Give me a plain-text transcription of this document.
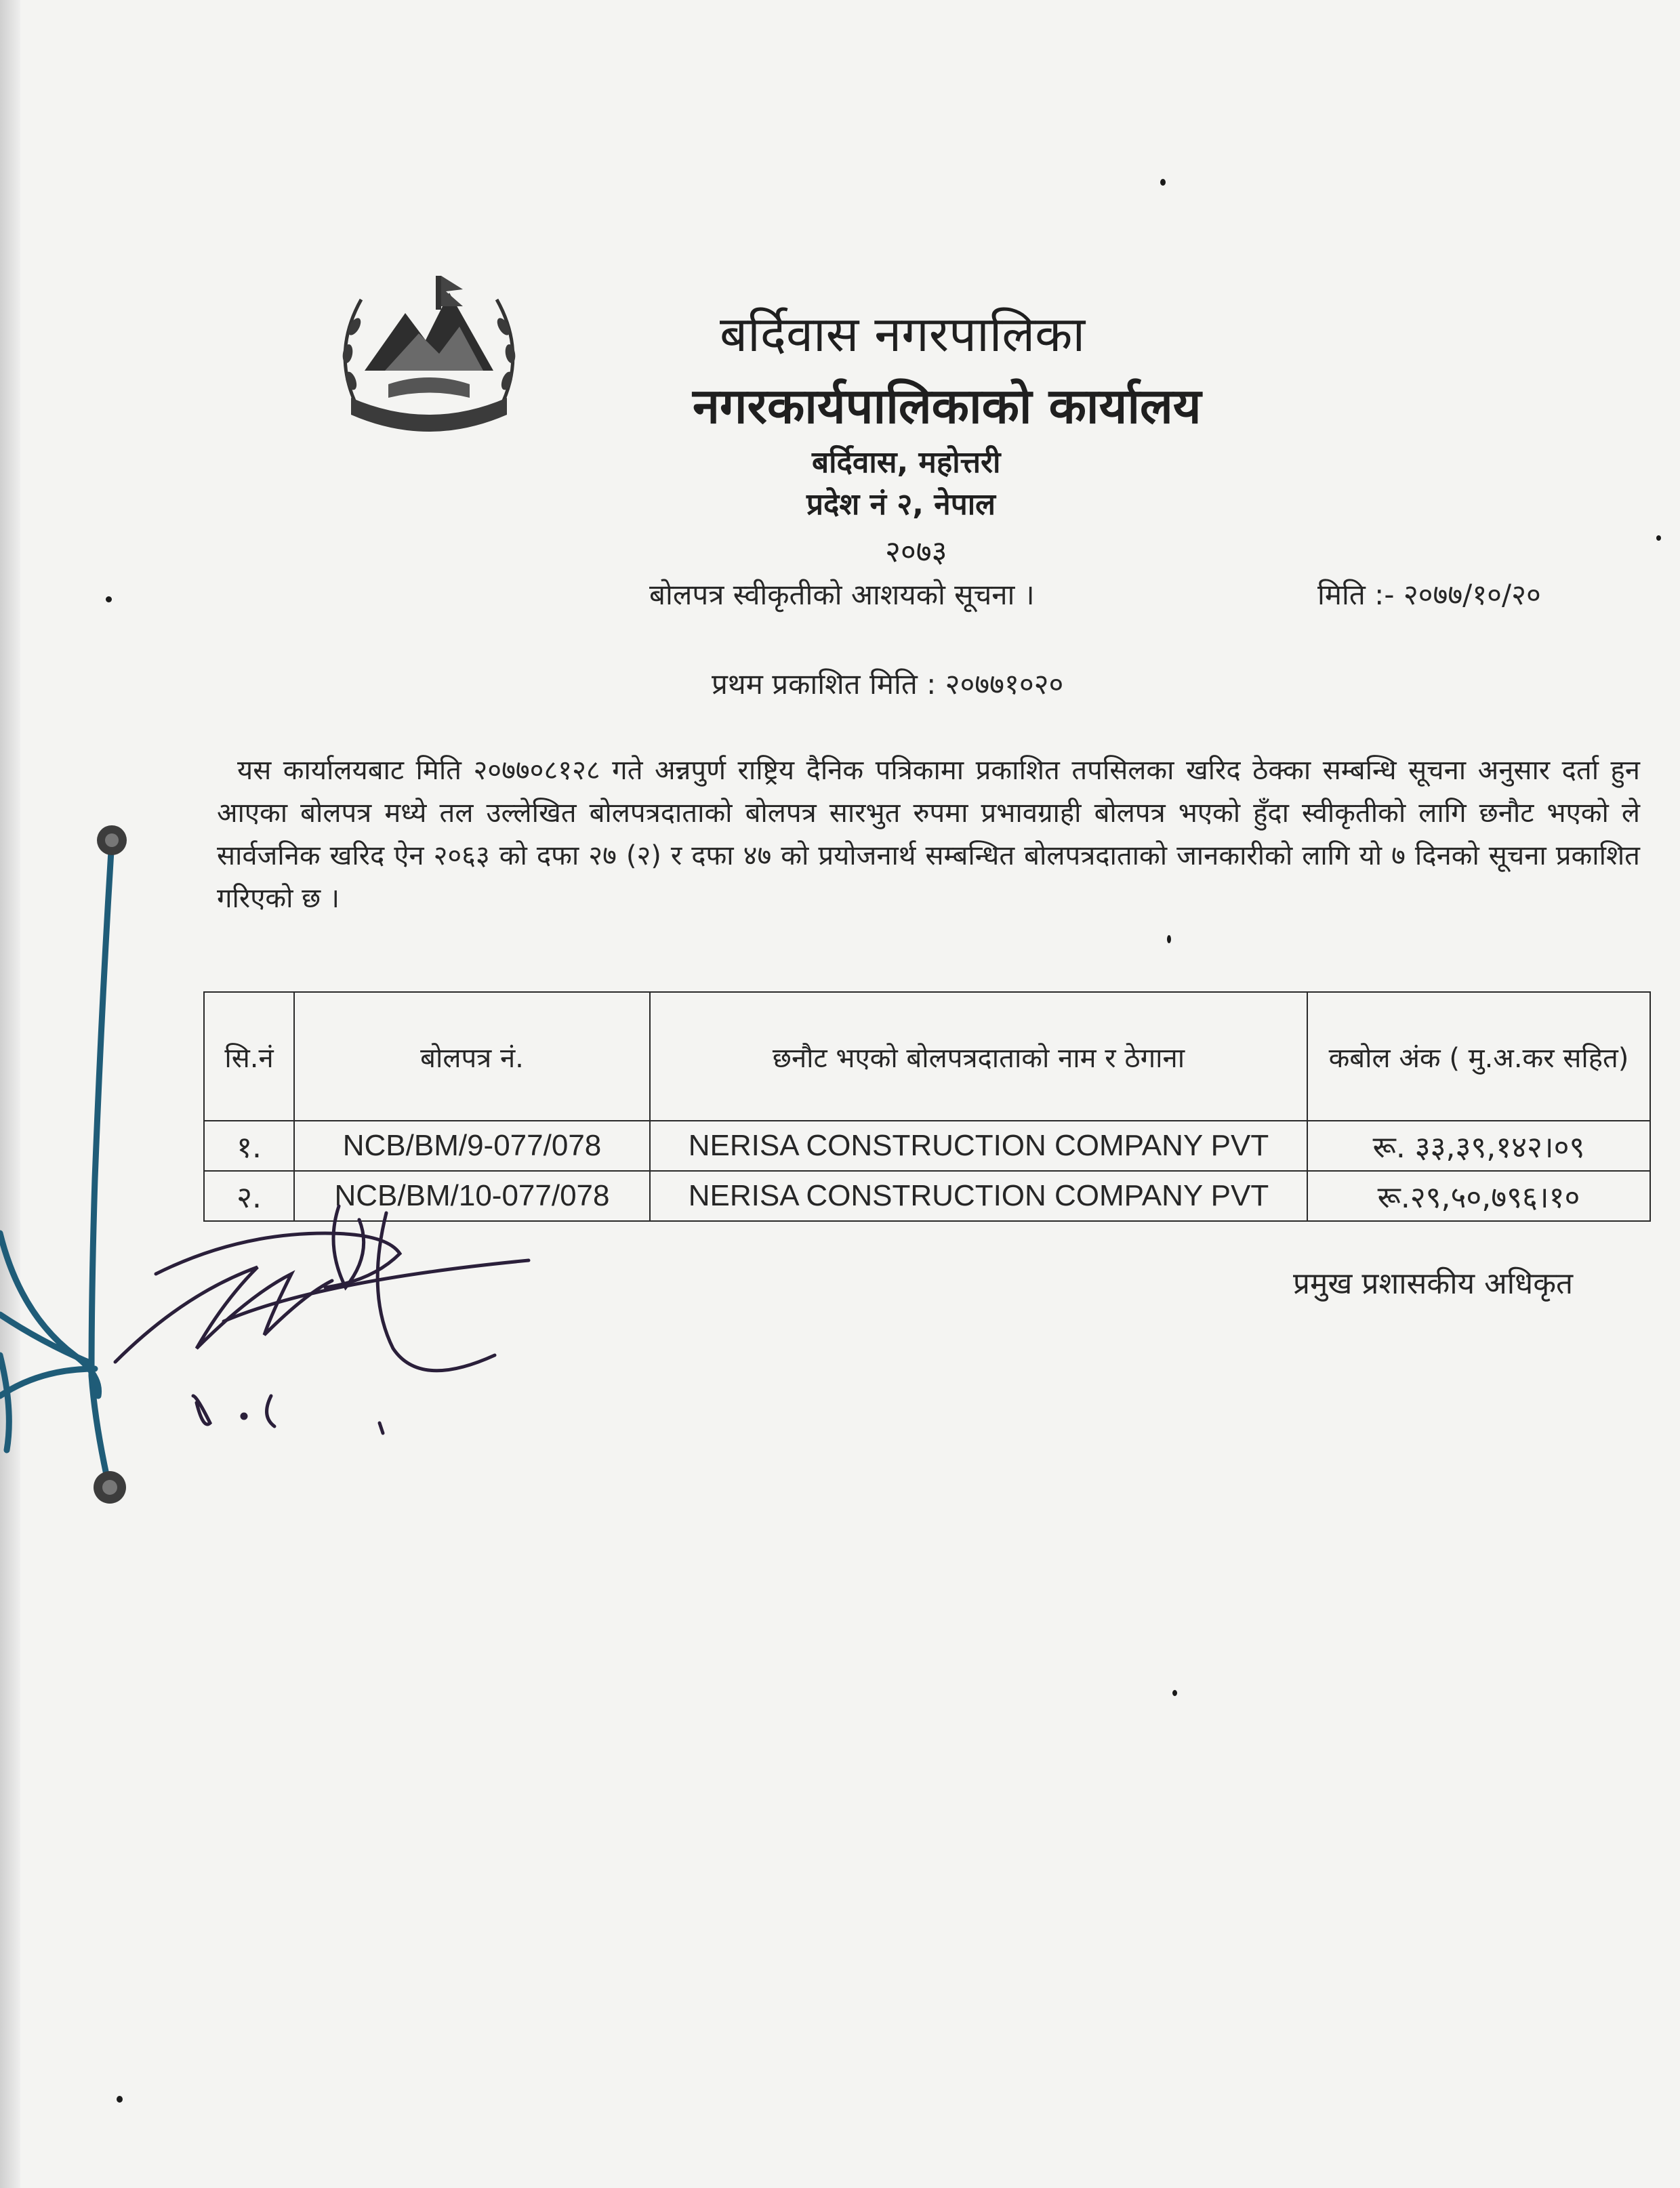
बर्दिवास नगरपालिका
नगरकार्यपालिकाको कार्यालय
बर्दिवास, महोत्तरी
प्रदेश नं २, नेपाल
२०७३
बोलपत्र स्वीकृतीको आशयको सूचना ।	मिति :- २०७७/१०/२०
प्रथम प्रकाशित मिति : २०७७१०२०
यस कार्यालयबाट मिति २०७७०८१२८ गते अन्नपुर्ण राष्ट्रिय दैनिक पत्रिकामा प्रकाशित तपसिलका खरिद ठेक्का सम्बन्धि सूचना अनुसार दर्ता हुन आएका बोलपत्र मध्ये तल उल्लेखित बोलपत्रदाताको बोलपत्र सारभुत रुपमा प्रभावग्राही बोलपत्र भएको हुँदा स्वीकृतीको लागि छनौट भएको ले सार्वजनिक खरिद ऐन २०६३ को दफा २७ (२) र दफा ४७ को प्रयोजनार्थ सम्बन्धित बोलपत्रदाताको जानकारीको लागि यो ७ दिनको सूचना प्रकाशित गरिएको छ ।
सि.नं	बोलपत्र नं.	छनौट भएको बोलपत्रदाताको नाम र ठेगाना	कबोल अंक ( मु.अ.कर सहित)
१.	NCB/BM/9-077/078	NERISA CONSTRUCTION COMPANY PVT	रू. ३३,३९,१४२।०९
२.	NCB/BM/10-077/078	NERISA CONSTRUCTION COMPANY PVT	रू.२९,५०,७९६।१०
प्रमुख प्रशासकीय अधिकृत
